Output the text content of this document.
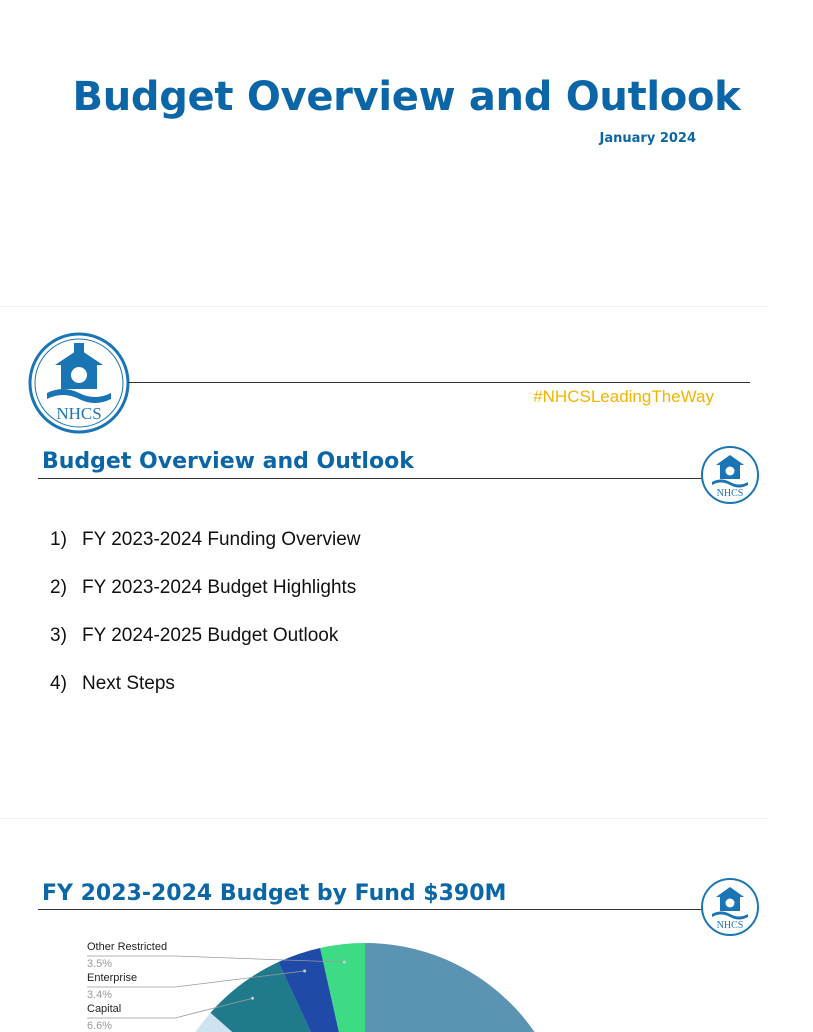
Budget Overview and Outlook
January 2024
NHCS
#NHCSLeadingTheWay
Budget Overview and Outlook
NHCS
1) FY 2023-2024 Funding Overview
2) FY 2023-2024 Budget Highlights
3) FY 2024-2025 Budget Outlook
4) Next Steps
FY 2023-2024 Budget by Fund $390M
NHCS
Other Restricted
3.5%
Enterprise
3.4%
Capital
6.6%
